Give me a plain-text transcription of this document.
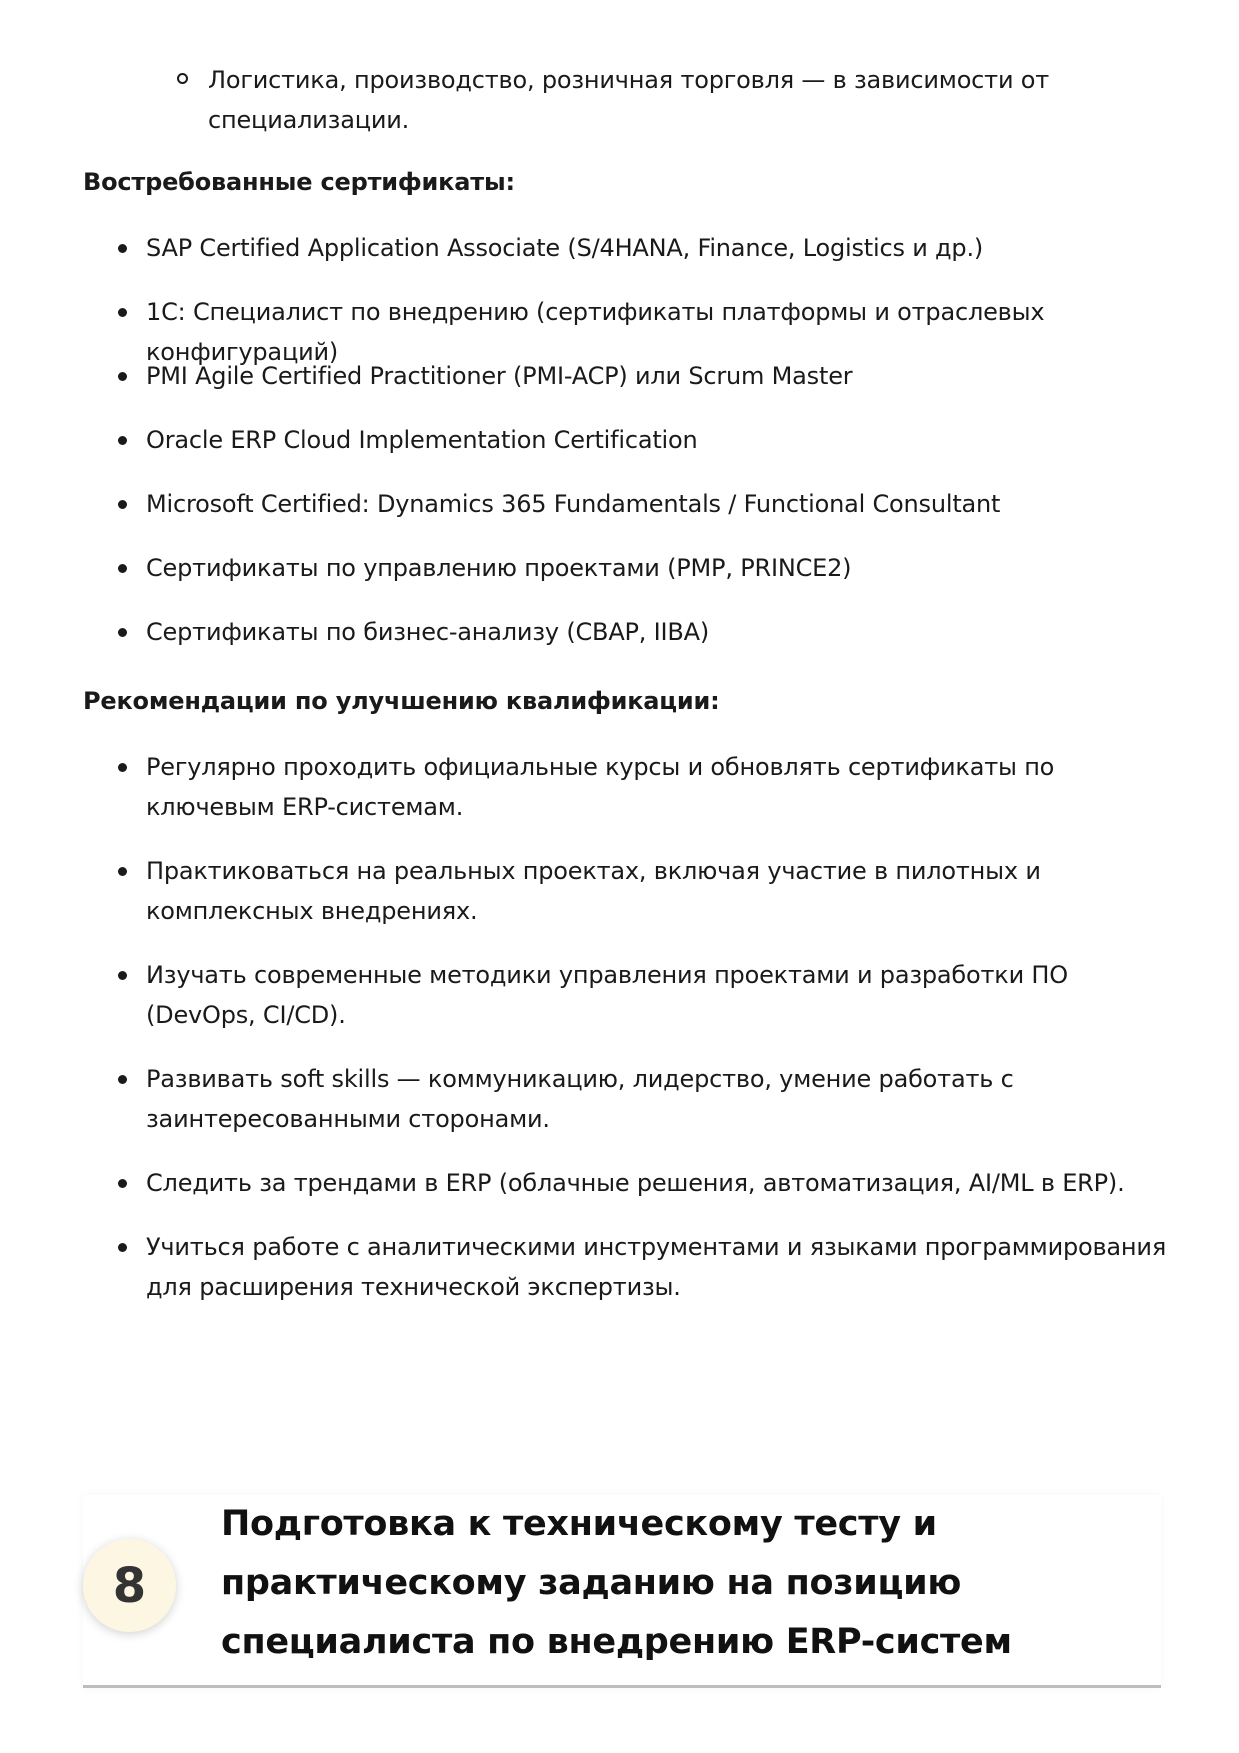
Логистика, производство, розничная торговля — в зависимости от специализации.
Востребованные сертификаты:
SAP Certified Application Associate (S/4HANA, Finance, Logistics и др.)
1С: Специалист по внедрению (сертификаты платформы и отраслевых конфигураций)
PMI Agile Certified Practitioner (PMI-ACP) или Scrum Master
Oracle ERP Cloud Implementation Certification
Microsoft Certified: Dynamics 365 Fundamentals / Functional Consultant
Сертификаты по управлению проектами (PMP, PRINCE2)
Сертификаты по бизнес-анализу (CBAP, IIBA)
Рекомендации по улучшению квалификации:
Регулярно проходить официальные курсы и обновлять сертификаты по ключевым ERP-системам.
Практиковаться на реальных проектах, включая участие в пилотных и комплексных внедрениях.
Изучать современные методики управления проектами и разработки ПО (DevOps, CI/CD).
Развивать soft skills — коммуникацию, лидерство, умение работать с заинтересованными сторонами.
Следить за трендами в ERP (облачные решения, автоматизация, AI/ML в ERP).
Учиться работе с аналитическими инструментами и языками программирования для расширения технической экспертизы.
8
Подготовка к техническому тесту и практическому заданию на позицию специалиста по внедрению ERP-систем
